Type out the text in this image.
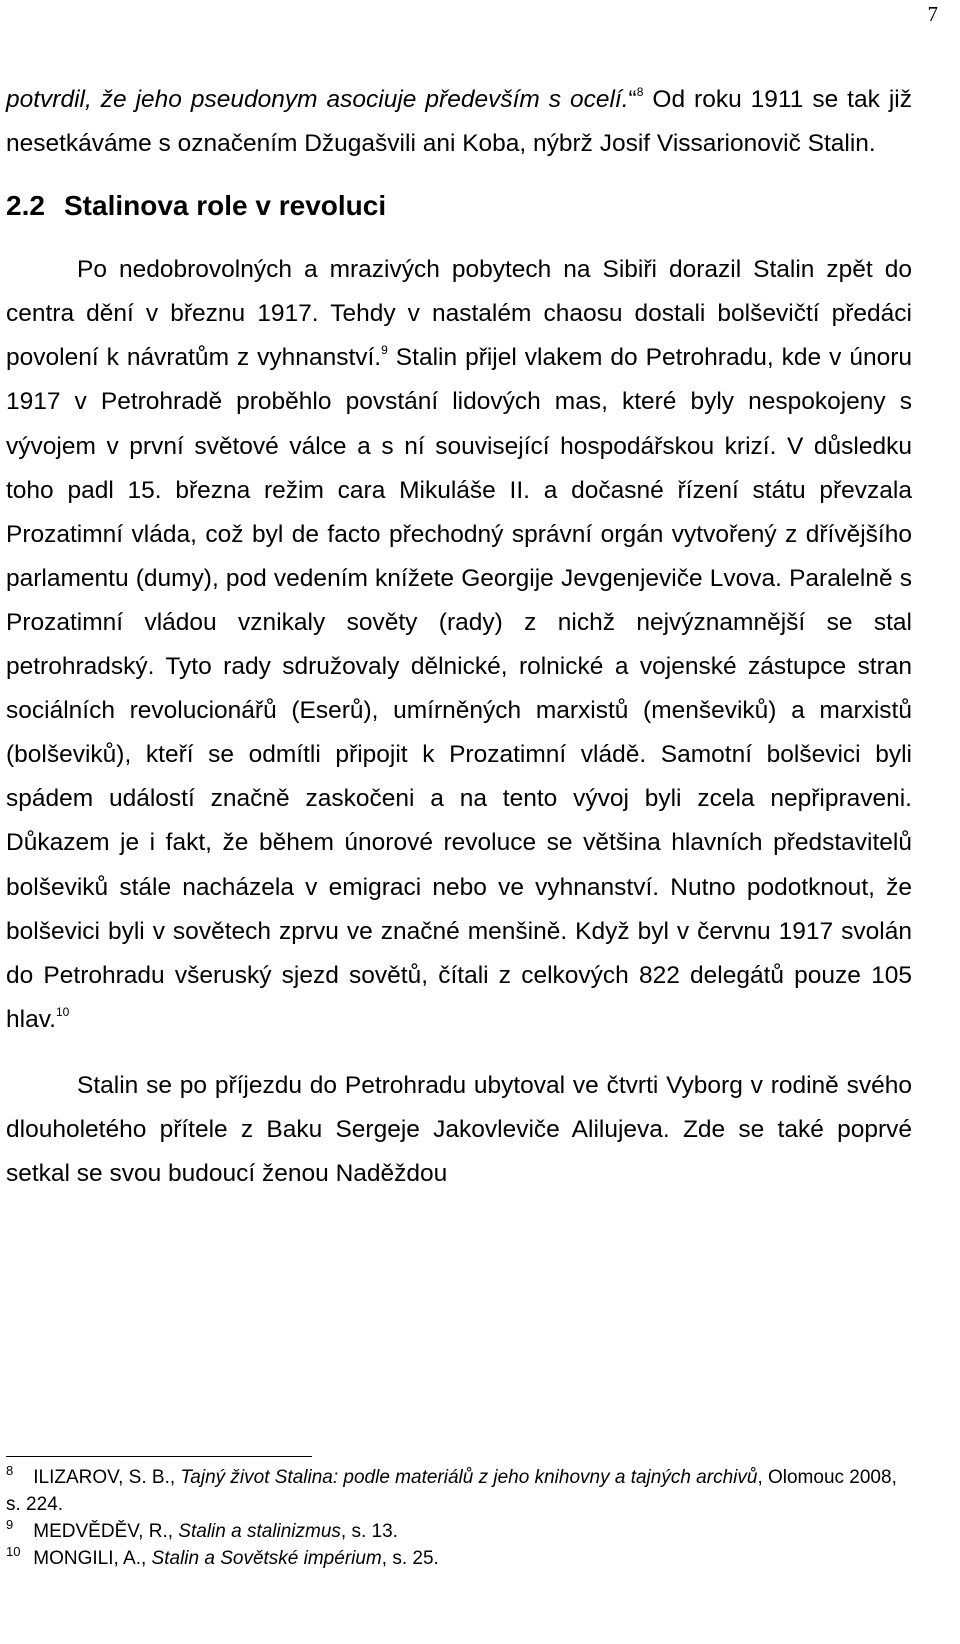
7

potvrdil, že jeho pseudonym asociuje především s ocelí.“$^8$ Od roku 1911 se tak již nesetkáváme s označením Džugašvili ani Koba, nýbrž Josif Vissarionovič Stalin.

2.2 Stalinova role v revoluci

Po nedobrovolných a mrazivých pobytech na Sibiři dorazil Stalin zpět do centra dění v březnu 1917. Tehdy v nastalém chaosu dostali bolševičtí předáci povolení k návratům z vyhnanství.$^9$ Stalin přijel vlakem do Petrohradu, kde v únoru 1917 v Petrohradě proběhlo povstání lidových mas, které byly nespokojeny s vývojem v první světové válce a s ní související hospodářskou krizí. V důsledku toho padl 15. března režim cara Mikuláše II. a dočasné řízení státu převzala Prozatimní vláda, což byl de facto přechodný správní orgán vytvořený z dřívějšího parlamentu (dumy), pod vedením knížete Georgije Jevgenjeviče Lvova. Paralelně s Prozatimní vládou vznikaly sověty (rady) z nichž nejvýznamnější se stal petrohradský. Tyto rady sdružovaly dělnické, rolnické a vojenské zástupce stran sociálních revolucionářů (Eserů), umírněných marxistů (menševiků) a marxistů (bolševiků), kteří se odmítli připojit k Prozatimní vládě. Samotní bolševici byli spádem událostí značně zaskočeni a na tento vývoj byli zcela nepřipraveni. Důkazem je i fakt, že během únorové revoluce se většina hlavních představitelů bolševiků stále nacházela v emigraci nebo ve vyhnanství. Nutno podotknout, že bolševici byli v sovětech zprvu ve značné menšině. Když byl v červnu 1917 svolán do Petrohradu všeruský sjezd sovětů, čítali z celkových 822 delegátů pouze 105 hlav.$^{10}$

Stalin se po příjezdu do Petrohradu ubytoval ve čtvrti Vyborg v rodině svého dlouholetého přítele z Baku Sergeje Jakovleviče Alilujeva. Zde se také poprvé setkal se svou budoucí ženou Naděždou

$^8$ ILIZAROV, S. B., Tajný život Stalina: podle materiálů z jeho knihovny a tajných archivů, Olomouc 2008, s. 224.

$^9$ MEDVĚDĚV, R., Stalin a stalinizmus, s. 13.

$^{10}$ MONGILI, A., Stalin a Sovětské impérium, s. 25.
